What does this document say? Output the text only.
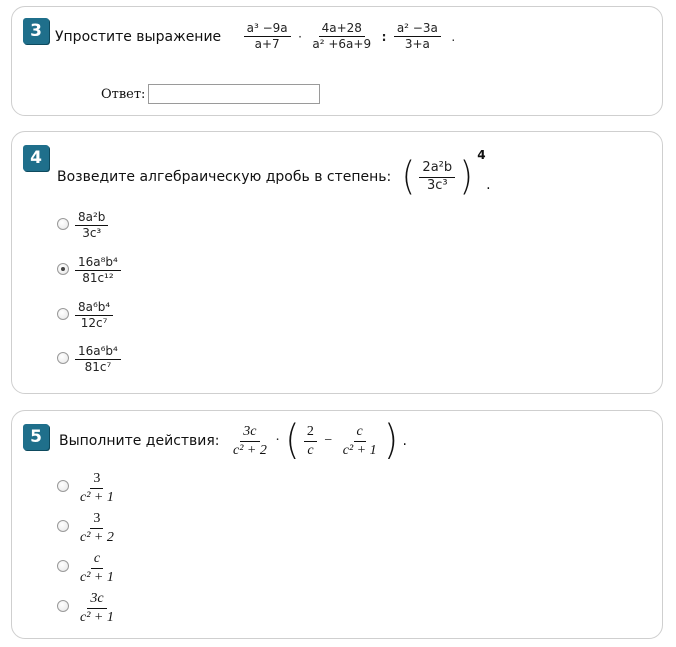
3 Упростите выражение $\frac{\text{a³ −9a}}{a+7} \cdot \frac{4a+28}{\text{a² +6a+9}}$ : $\frac{\text{a² −3a}}{3+a}$ .
Ответ:
4
Возведите алгебраическую дробь в степень: ( $\frac{\text{2a²b}}{\text{3c³}}$ ) 4 .
$\frac{\text{8a²b}}{\text{3c³}}$
$\frac{\text{16a⁸b⁴}}{\text{81c¹²}}$
$\frac{\text{8a⁶b⁴}}{\text{12c⁷}}$
$\frac{\text{16a⁶b⁴}}{\text{81c⁷}}$
5	Выполните действия: $\frac{3c}{\text{c² + 2}}$ · ( $\frac{2}{c} - \frac{c}{\text{c² + 1}}$ ) .
$\frac{3}{\text{c² + 1}}$
$\frac{3}{\text{c² + 2}}$
$\frac{c}{\text{c² + 1}}$
$\frac{3c}{\text{c² + 1}}$
